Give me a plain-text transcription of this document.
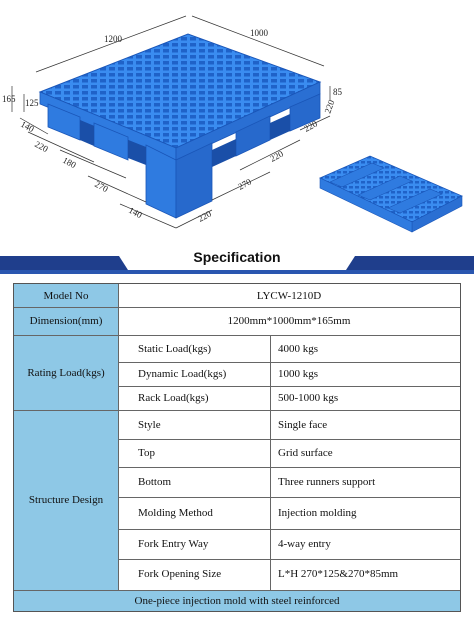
1200
1000
165 125
85
140
220
180
270
140	220
270
220
220
220
Specification
Model No	LYCW-1210D
Dimension(mm)	1200mm*1000mm*165mm
Rating Load(kgs)
Static Load(kgs)	4000 kgs
Dynamic Load(kgs)	1000 kgs
Rack Load(kgs)	500-1000 kgs
Structure Design
Style	Single face
Top	Grid surface
Bottom	Three runners support
Molding Method	Injection molding
Fork Entry Way	4-way entry
Fork Opening Size	L*H 270*125&270*85mm
One-piece injection mold with steel reinforced
